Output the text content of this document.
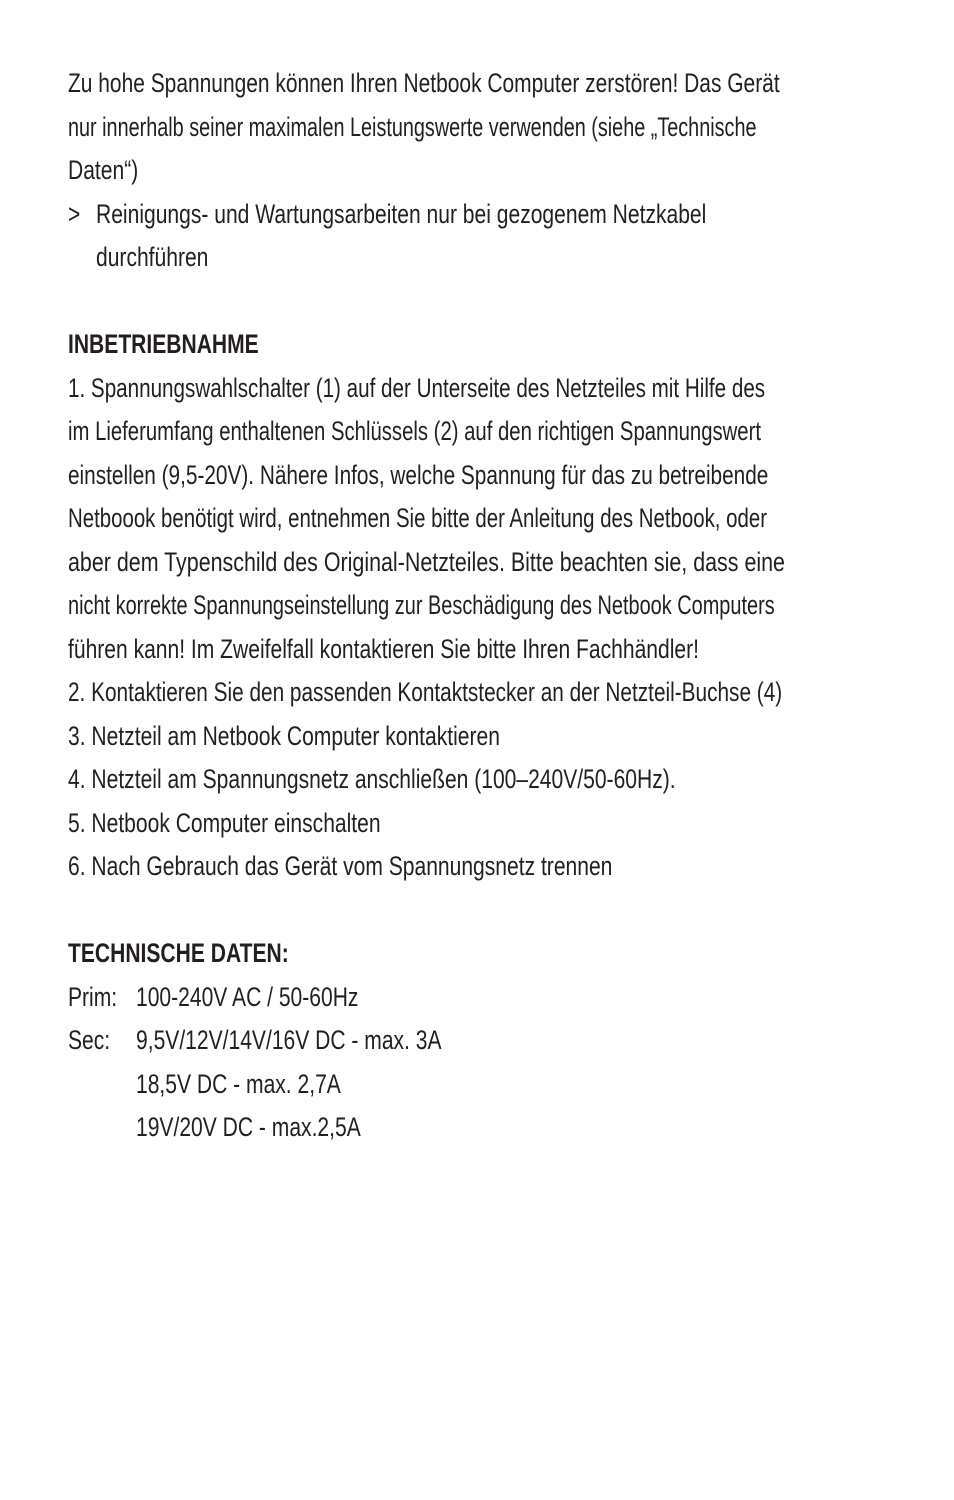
Zu hohe Spannungen können Ihren Netbook Computer zerstören! Das Gerät
nur innerhalb seiner maximalen Leistungswerte verwenden (siehe „Technische
Daten“)
> Reinigungs- und Wartungsarbeiten nur bei gezogenem Netzkabel
durchführen
INBETRIEBNAHME
1. Spannungswahlschalter (1) auf der Unterseite des Netzteiles mit Hilfe des
im Lieferumfang enthaltenen Schlüssels (2) auf den richtigen Spannungswert
einstellen (9,5-20V). Nähere Infos, welche Spannung für das zu betreibende
Netboook benötigt wird, entnehmen Sie bitte der Anleitung des Netbook, oder
aber dem Typenschild des Original-Netzteiles. Bitte beachten sie, dass eine
nicht korrekte Spannungseinstellung zur Beschädigung des Netbook Computers
führen kann! Im Zweifelfall kontaktieren Sie bitte Ihren Fachhändler!
2. Kontaktieren Sie den passenden Kontaktstecker an der Netzteil-Buchse (4)
3. Netzteil am Netbook Computer kontaktieren
4. Netzteil am Spannungsnetz anschließen (100–240V/50-60Hz).
5. Netbook Computer einschalten
6. Nach Gebrauch das Gerät vom Spannungsnetz trennen
TECHNISCHE DATEN:
Prim: 100-240V AC / 50-60Hz
Sec: 9,5V/12V/14V/16V DC - max. 3A
18,5V DC - max. 2,7A
19V/20V DC - max.2,5A
